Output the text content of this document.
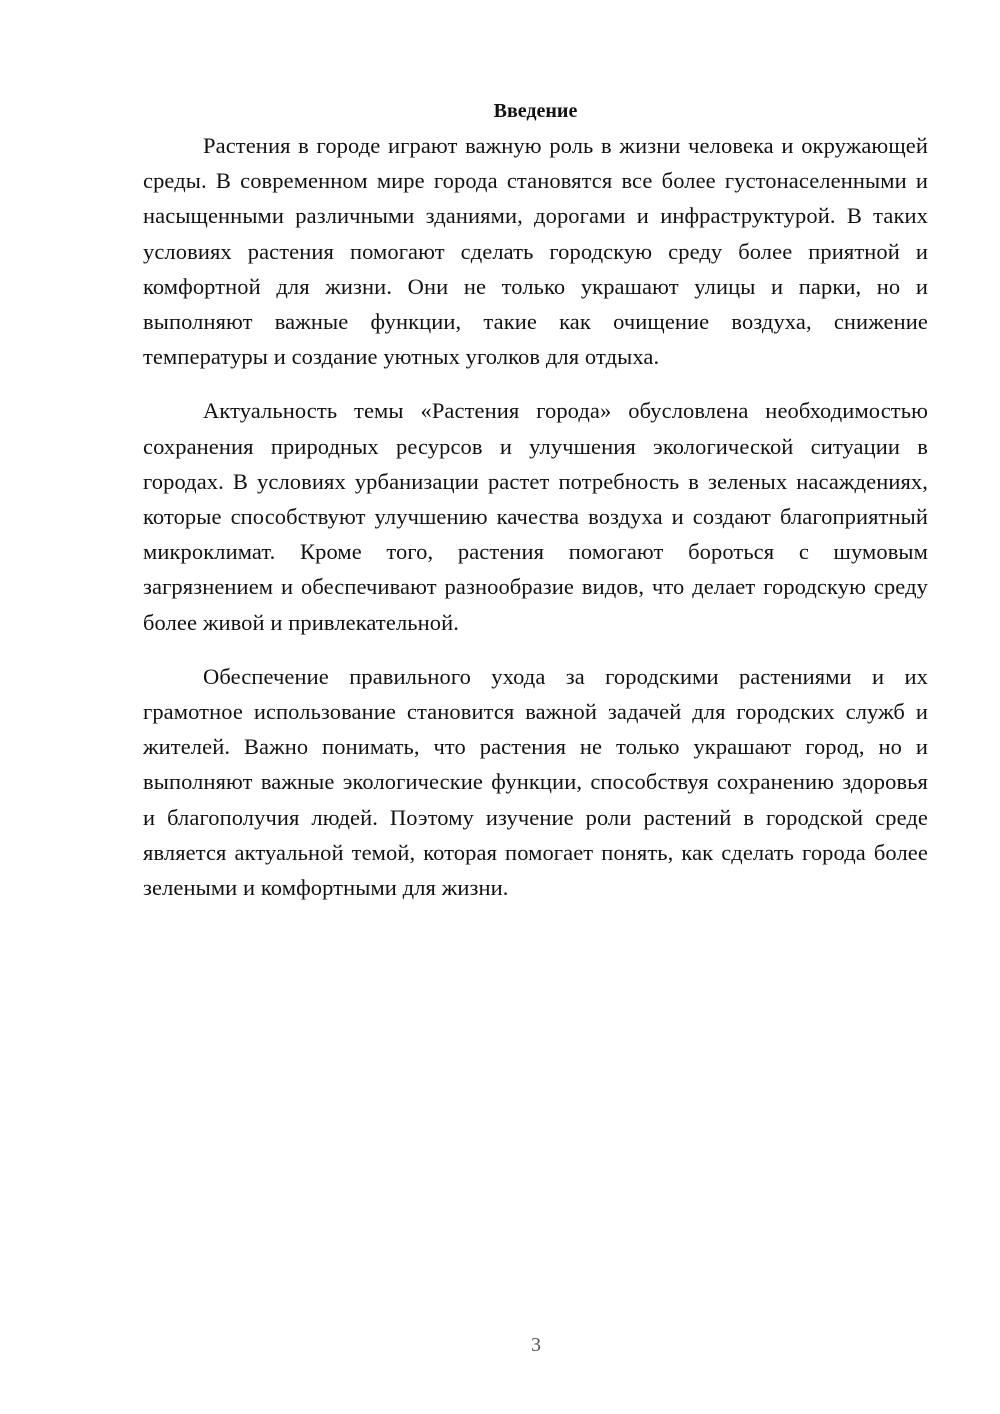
Введение

Растения в городе играют важную роль в жизни человека и окружающей среды. В современном мире города становятся все более густонаселенными и насыщенными различными зданиями, дорогами и инфраструктурой. В таких условиях растения помогают сделать городскую среду более приятной и комфортной для жизни. Они не только украшают улицы и парки, но и выполняют важные функции, такие как очищение воздуха, снижение температуры и создание уютных уголков для отдыха.

Актуальность темы «Растения города» обусловлена необходимостью сохранения природных ресурсов и улучшения экологической ситуации в городах. В условиях урбанизации растет потребность в зеленых насаждениях, которые способствуют улучшению качества воздуха и создают благоприятный микроклимат. Кроме того, растения помогают бороться с шумовым загрязнением и обеспечивают разнообразие видов, что делает городскую среду более живой и привлекательной.

Обеспечение правильного ухода за городскими растениями и их грамотное использование становится важной задачей для городских служб и жителей. Важно понимать, что растения не только украшают город, но и выполняют важные экологические функции, способствуя сохранению здоровья и благополучия людей. Поэтому изучение роли растений в городской среде является актуальной темой, которая помогает понять, как сделать города более зелеными и комфортными для жизни.

3
